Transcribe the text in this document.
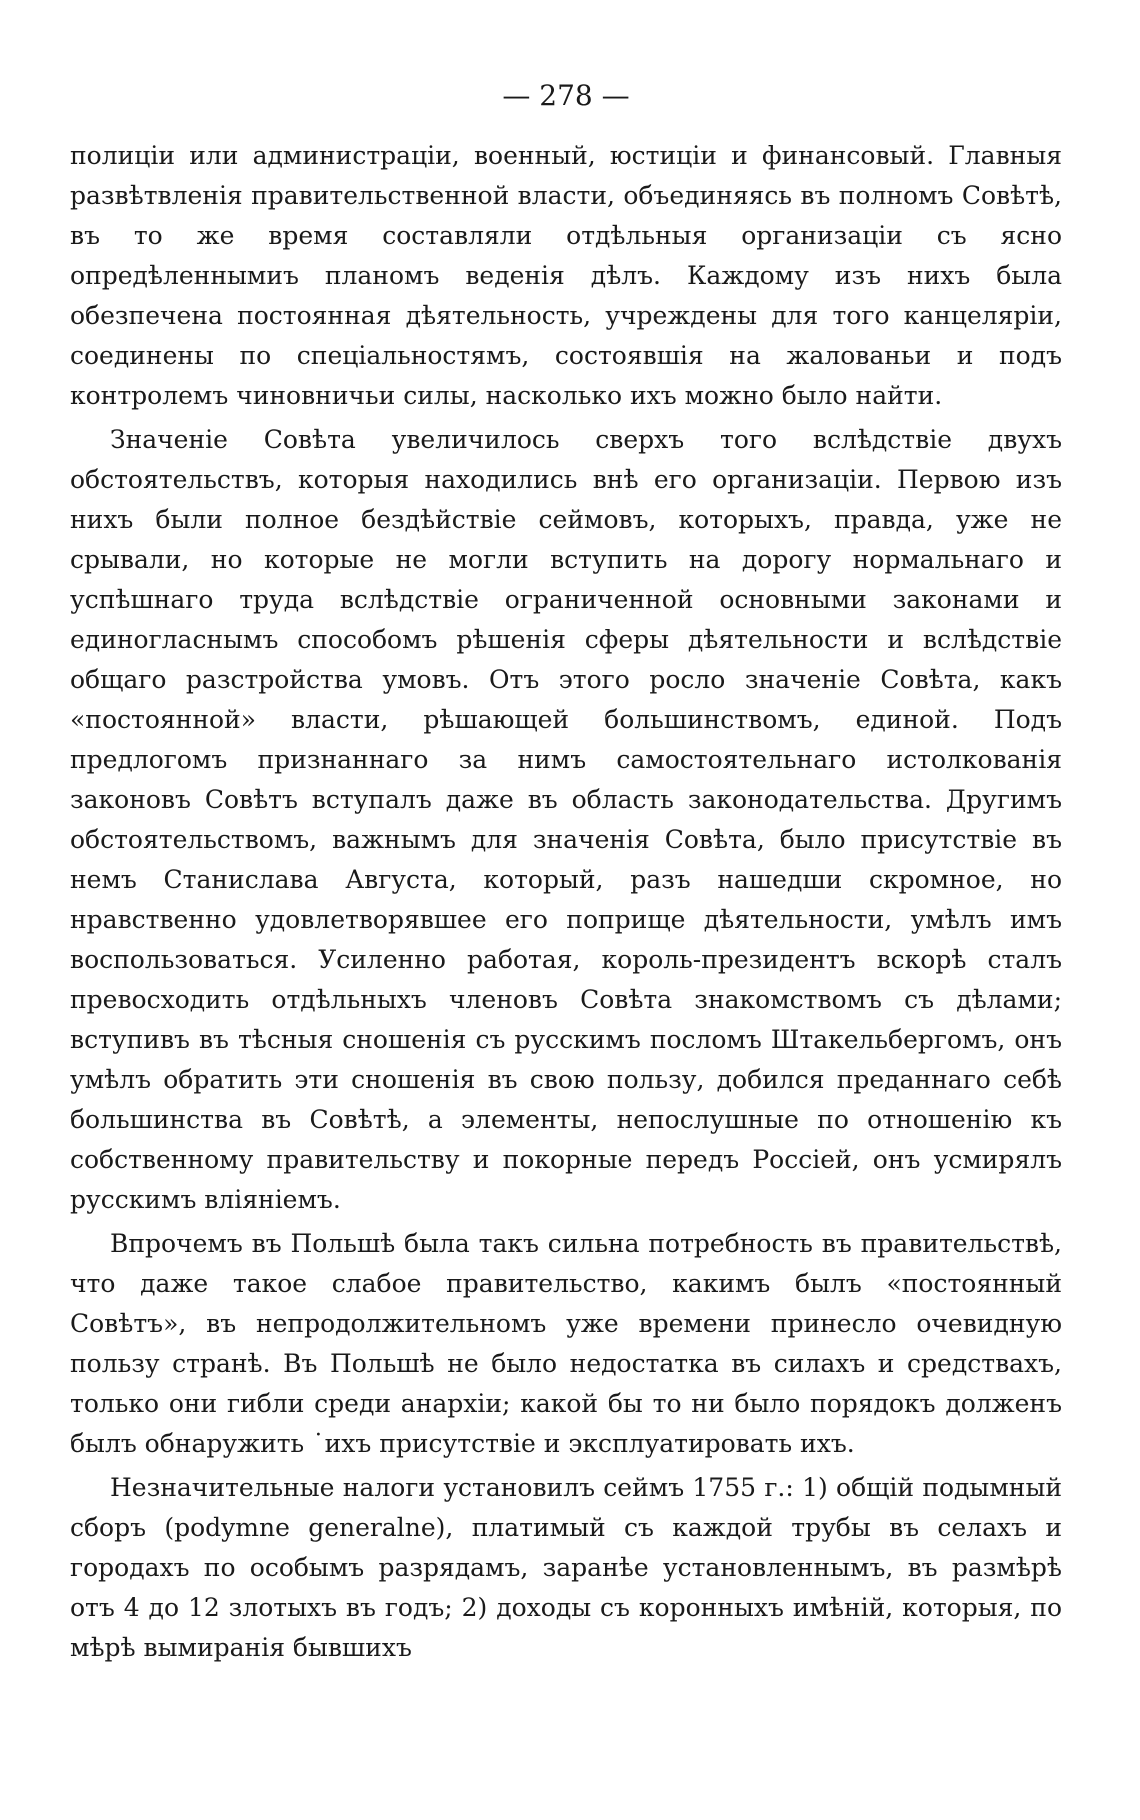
— 278 —

полиціи или администраціи, военный, юстиціи и финансовый. Главныя развѣтвленія правительственной власти, объединяясь въ полномъ Совѣтѣ, въ то же время составляли отдѣльныя организаціи съ ясно опредѣленнымиъ планомъ веденія дѣлъ. Каждому изъ нихъ была обезпечена постоянная дѣятельность, учреждены для того канцеляріи, соединены по спеціальностямъ, состоявшія на жалованьи и подъ контролемъ чиновничьи силы, насколько ихъ можно было найти.

Значеніе Совѣта увеличилось сверхъ того вслѣдствіе двухъ обстоятельствъ, которыя находились внѣ его организаціи. Первою изъ нихъ были полное бездѣйствіе сеймовъ, которыхъ, правда, уже не срывали, но которые не могли вступить на дорогу нормальнаго и успѣшнаго труда вслѣдствіе ограниченной основными законами и единогласнымъ способомъ рѣшенія сферы дѣятельности и вслѣдствіе общаго разстройства умовъ. Отъ этого росло значеніе Совѣта, какъ «постоянной» власти, рѣшающей большинствомъ, единой. Подъ предлогомъ признаннаго за нимъ самостоятельнаго истолкованія законовъ Совѣтъ вступалъ даже въ область законодательства. Другимъ обстоятельствомъ, важнымъ для значенія Совѣта, было присутствіе въ немъ Станислава Августа, который, разъ нашедши скромное, но нравственно удовлетворявшее его поприще дѣятельности, умѣлъ имъ воспользоваться. Усиленно работая, король-президентъ вскорѣ сталъ превосходить отдѣльныхъ членовъ Совѣта знакомствомъ съ дѣлами; вступивъ въ тѣсныя сношенія съ русскимъ посломъ Штакельбергомъ, онъ умѣлъ обратить эти сношенія въ свою пользу, добился преданнаго себѣ большинства въ Совѣтѣ, а элементы, непослушные по отношенію къ собственному правительству и покорные передъ Россіей, онъ усмирялъ русскимъ вліяніемъ.

Впрочемъ въ Польшѣ была такъ сильна потребность въ правительствѣ, что даже такое слабое правительство, какимъ былъ «постоянный Совѣтъ», въ непродолжительномъ уже времени принесло очевидную пользу странѣ. Въ Польшѣ не было недостатка въ силахъ и средствахъ, только они гибли среди анархіи; какой бы то ни было порядокъ долженъ былъ обнаружить ˙ихъ присутствіе и эксплуатировать ихъ.

Незначительные налоги установилъ сеймъ 1755 г.: 1) общій подымный сборъ (podymne generalne), платимый съ каждой трубы въ селахъ и городахъ по особымъ разрядамъ, заранѣе установленнымъ, въ размѣрѣ отъ 4 до 12 злотыхъ въ годъ; 2) доходы съ коронныхъ имѣній, которыя, по мѣрѣ вымиранія бывшихъ
